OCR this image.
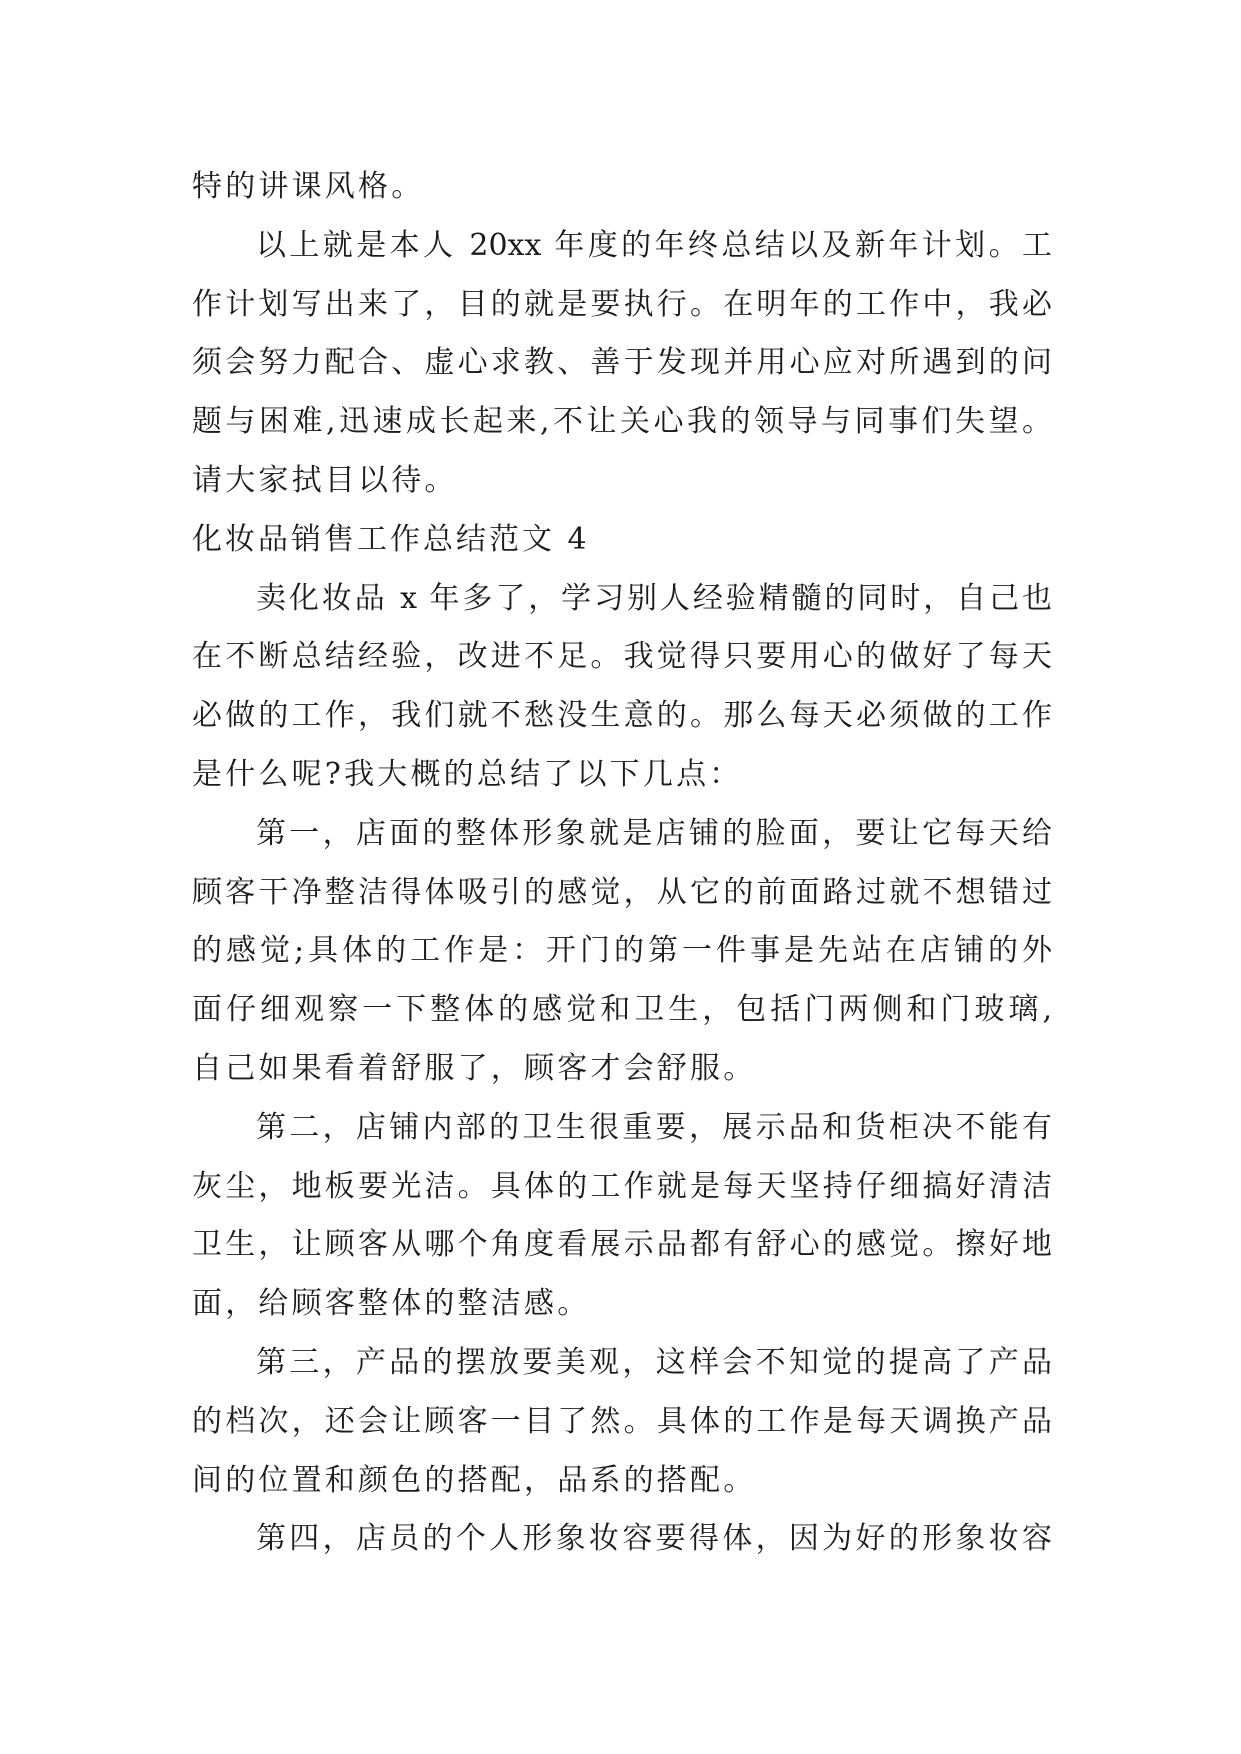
特的讲课风格。
以上就是本人 20xx 年度的年终总结以及新年计划。工
作计划写出来了，目的就是要执行。在明年的工作中，我必
须会努力配合、虚心求教、善于发现并用心应对所遇到的问
题与困难,迅速成长起来,不让关心我的领导与同事们失望。
请大家拭目以待。
化妆品销售工作总结范文 4
卖化妆品 x 年多了，学习别人经验精髓的同时，自己也
在不断总结经验，改进不足。我觉得只要用心的做好了每天
必做的工作，我们就不愁没生意的。那么每天必须做的工作
是什么呢?我大概的总结了以下几点：
第一，店面的整体形象就是店铺的脸面，要让它每天给
顾客干净整洁得体吸引的感觉，从它的前面路过就不想错过
的感觉;具体的工作是：开门的第一件事是先站在店铺的外
面仔细观察一下整体的感觉和卫生，包括门两侧和门玻璃,
自己如果看着舒服了，顾客才会舒服。
第二，店铺内部的卫生很重要，展示品和货柜决不能有
灰尘，地板要光洁。具体的工作就是每天坚持仔细搞好清洁
卫生，让顾客从哪个角度看展示品都有舒心的感觉。擦好地
面，给顾客整体的整洁感。
第三，产品的摆放要美观，这样会不知觉的提高了产品
的档次，还会让顾客一目了然。具体的工作是每天调换产品
间的位置和颜色的搭配，品系的搭配。
第四，店员的个人形象妆容要得体，因为好的形象妆容
